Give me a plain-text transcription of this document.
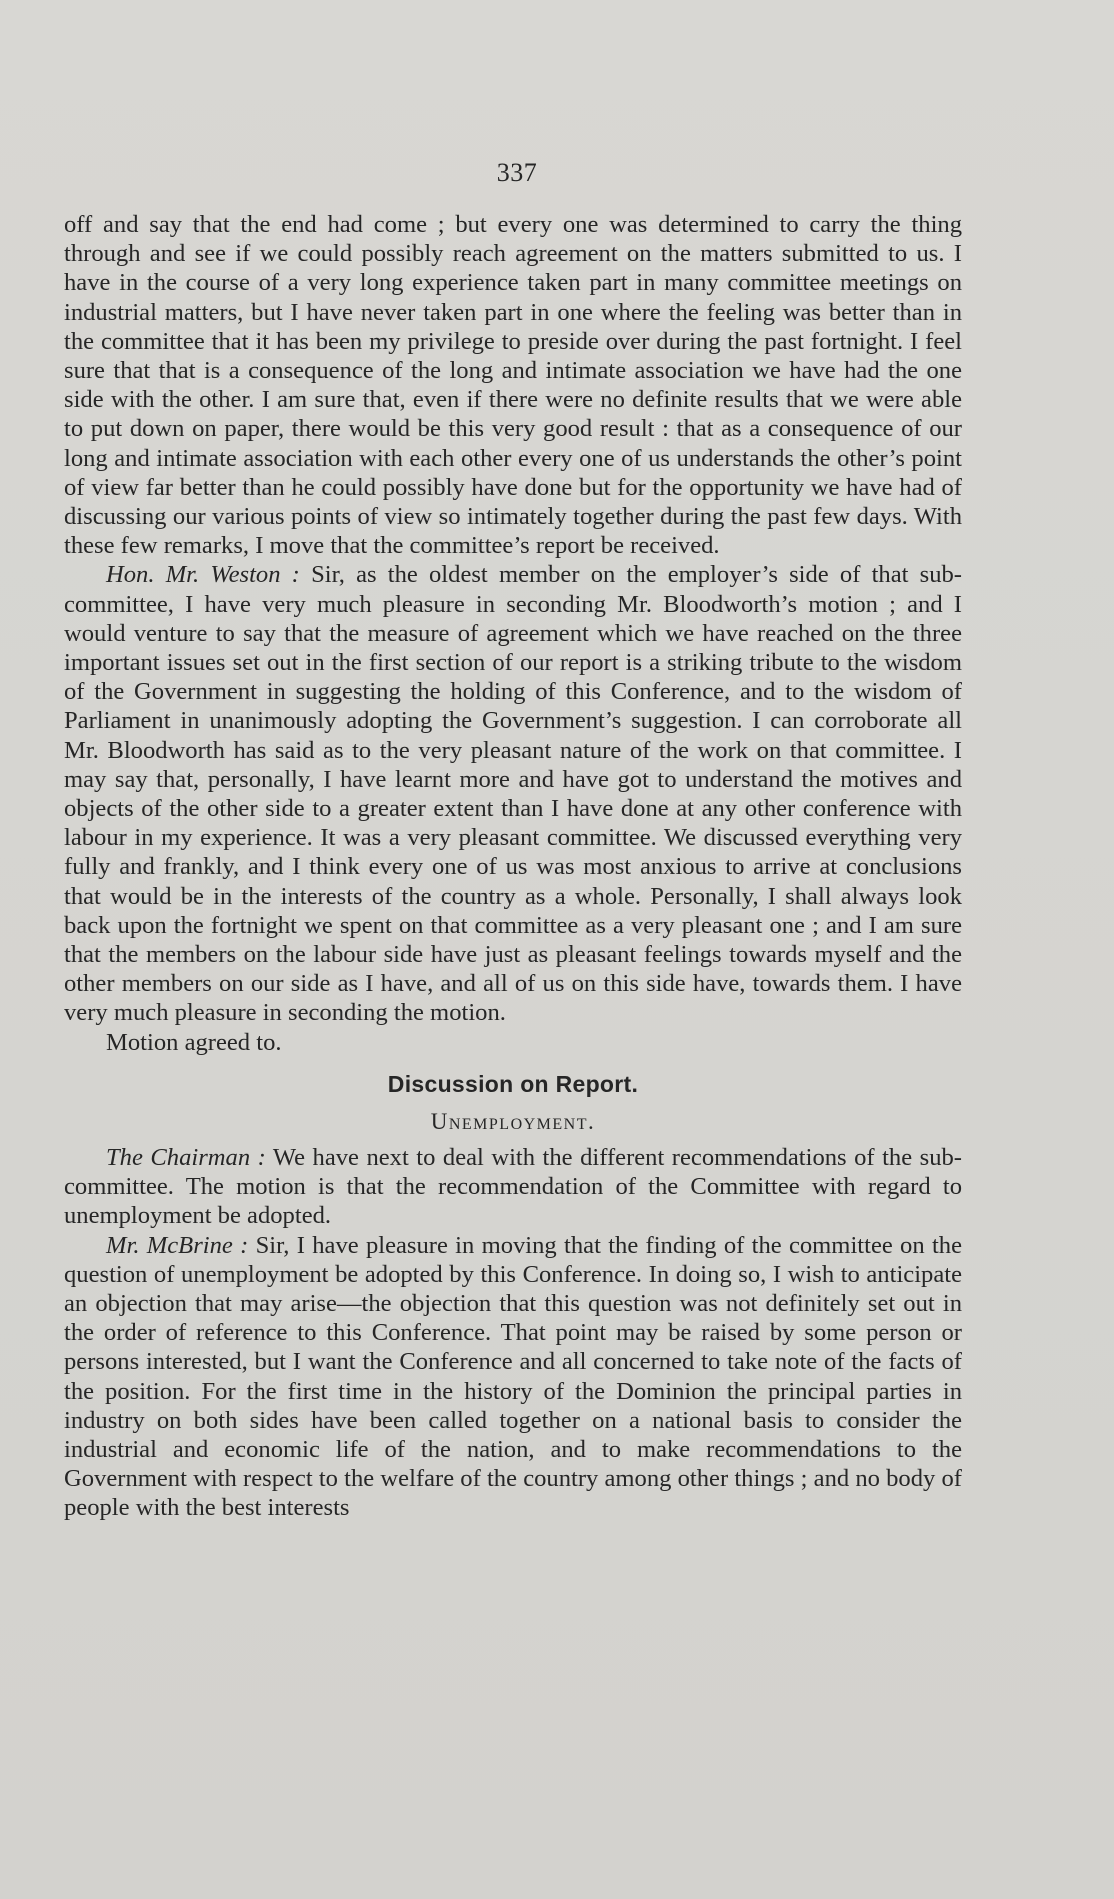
337

off and say that the end had come ; but every one was determined to carry the thing through and see if we could possibly reach agreement on the matters submitted to us. I have in the course of a very long experience taken part in many committee meetings on industrial matters, but I have never taken part in one where the feeling was better than in the committee that it has been my privilege to preside over during the past fortnight. I feel sure that that is a consequence of the long and intimate association we have had the one side with the other. I am sure that, even if there were no definite results that we were able to put down on paper, there would be this very good result : that as a consequence of our long and intimate association with each other every one of us understands the other’s point of view far better than he could possibly have done but for the opportunity we have had of discussing our various points of view so intimately together during the past few days. With these few remarks, I move that the committee’s report be received.

Hon. Mr. Weston : Sir, as the oldest member on the employer’s side of that sub-committee, I have very much pleasure in seconding Mr. Bloodworth’s motion ; and I would venture to say that the measure of agreement which we have reached on the three important issues set out in the first section of our report is a striking tribute to the wisdom of the Government in suggesting the holding of this Conference, and to the wisdom of Parliament in unanimously adopting the Government’s suggestion. I can corroborate all Mr. Bloodworth has said as to the very pleasant nature of the work on that committee. I may say that, personally, I have learnt more and have got to understand the motives and objects of the other side to a greater extent than I have done at any other conference with labour in my experience. It was a very pleasant committee. We discussed everything very fully and frankly, and I think every one of us was most anxious to arrive at conclusions that would be in the interests of the country as a whole. Personally, I shall always look back upon the fortnight we spent on that committee as a very pleasant one ; and I am sure that the members on the labour side have just as pleasant feelings towards myself and the other members on our side as I have, and all of us on this side have, towards them. I have very much pleasure in seconding the motion.

Motion agreed to.

Discussion on Report.
Unemployment.

The Chairman : We have next to deal with the different recommendations of the sub-committee. The motion is that the recommendation of the Committee with regard to unemployment be adopted.

Mr. McBrine : Sir, I have pleasure in moving that the finding of the committee on the question of unemployment be adopted by this Conference. In doing so, I wish to anticipate an objection that may arise—the objection that this question was not definitely set out in the order of reference to this Conference. That point may be raised by some person or persons interested, but I want the Conference and all concerned to take note of the facts of the position. For the first time in the history of the Dominion the principal parties in industry on both sides have been called together on a national basis to consider the industrial and economic life of the nation, and to make recommendations to the Government with respect to the welfare of the country among other things ; and no body of people with the best interests
